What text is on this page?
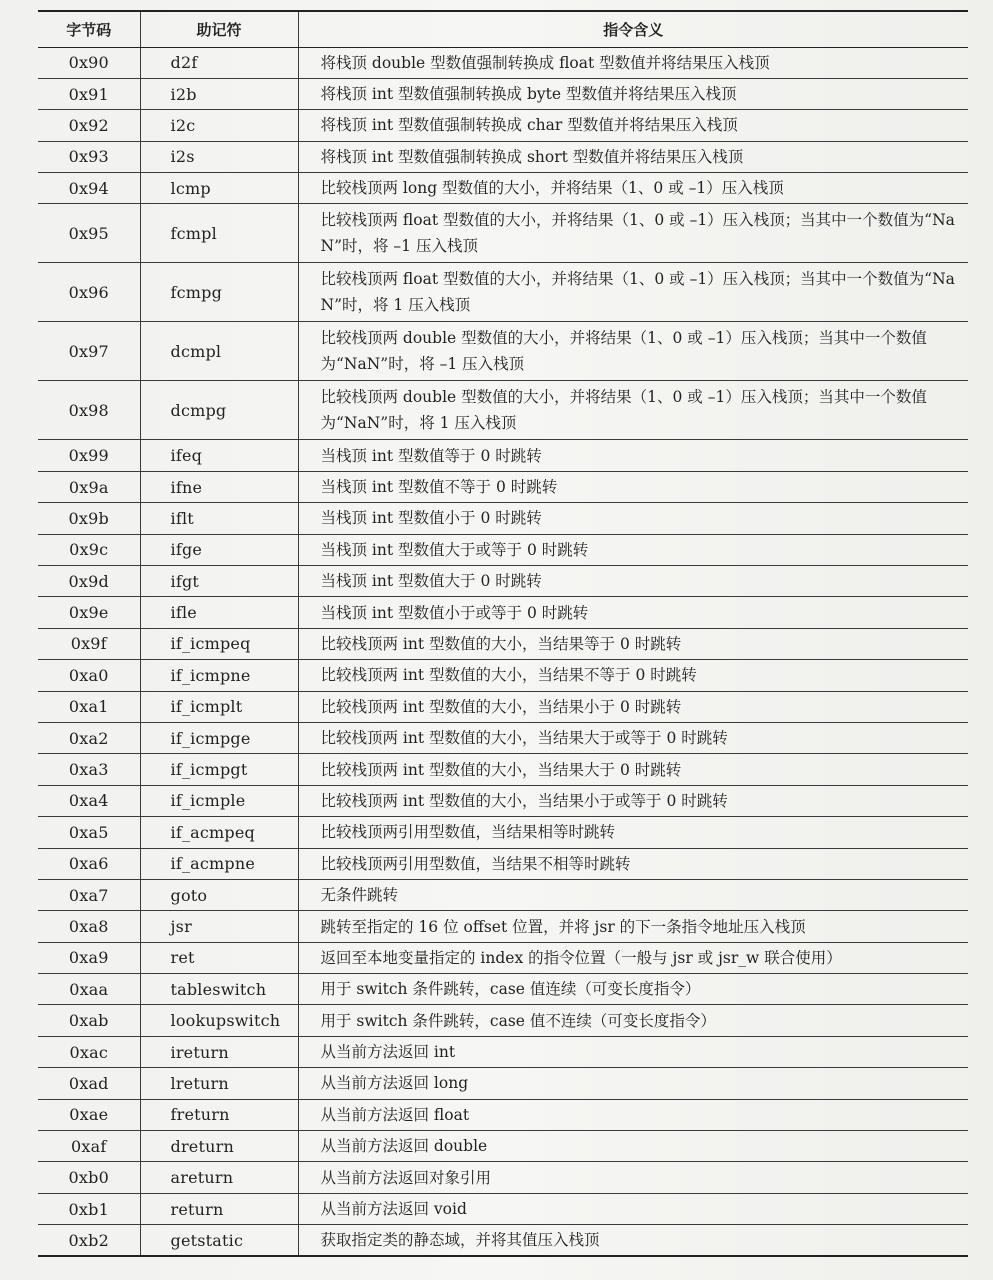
字节码	助记符	指令含义
0x90	d2f	将栈顶 double 型数值强制转换成 float 型数值并将结果压入栈顶
0x91	i2b	将栈顶 int 型数值强制转换成 byte 型数值并将结果压入栈顶
0x92	i2c	将栈顶 int 型数值强制转换成 char 型数值并将结果压入栈顶
0x93	i2s	将栈顶 int 型数值强制转换成 short 型数值并将结果压入栈顶
0x94	lcmp	比较栈顶两 long 型数值的大小，并将结果（1、0 或 –1）压入栈顶
0x95	fcmpl	比较栈顶两 float 型数值的大小，并将结果（1、0 或 –1）压入栈顶；当其中一个数值为“NaN”时，将 –1 压入栈顶
0x96	fcmpg	比较栈顶两 float 型数值的大小，并将结果（1、0 或 –1）压入栈顶；当其中一个数值为“NaN”时，将 1 压入栈顶
0x97	dcmpl	比较栈顶两 double 型数值的大小，并将结果（1、0 或 –1）压入栈顶；当其中一个数值为“NaN”时，将 –1 压入栈顶
0x98	dcmpg	比较栈顶两 double 型数值的大小，并将结果（1、0 或 –1）压入栈顶；当其中一个数值为“NaN”时，将 1 压入栈顶
0x99	ifeq	当栈顶 int 型数值等于 0 时跳转
0x9a	ifne	当栈顶 int 型数值不等于 0 时跳转
0x9b	iflt	当栈顶 int 型数值小于 0 时跳转
0x9c	ifge	当栈顶 int 型数值大于或等于 0 时跳转
0x9d	ifgt	当栈顶 int 型数值大于 0 时跳转
0x9e	ifle	当栈顶 int 型数值小于或等于 0 时跳转
0x9f	if_icmpeq	比较栈顶两 int 型数值的大小，当结果等于 0 时跳转
0xa0	if_icmpne	比较栈顶两 int 型数值的大小，当结果不等于 0 时跳转
0xa1	if_icmplt	比较栈顶两 int 型数值的大小，当结果小于 0 时跳转
0xa2	if_icmpge	比较栈顶两 int 型数值的大小，当结果大于或等于 0 时跳转
0xa3	if_icmpgt	比较栈顶两 int 型数值的大小，当结果大于 0 时跳转
0xa4	if_icmple	比较栈顶两 int 型数值的大小，当结果小于或等于 0 时跳转
0xa5	if_acmpeq	比较栈顶两引用型数值，当结果相等时跳转
0xa6	if_acmpne	比较栈顶两引用型数值，当结果不相等时跳转
0xa7	goto	无条件跳转
0xa8	jsr	跳转至指定的 16 位 offset 位置，并将 jsr 的下一条指令地址压入栈顶
0xa9	ret	返回至本地变量指定的 index 的指令位置（一般与 jsr 或 jsr_w 联合使用）
0xaa	tableswitch	用于 switch 条件跳转，case 值连续（可变长度指令）
0xab	lookupswitch	用于 switch 条件跳转，case 值不连续（可变长度指令）
0xac	ireturn	从当前方法返回 int
0xad	lreturn	从当前方法返回 long
0xae	freturn	从当前方法返回 float
0xaf	dreturn	从当前方法返回 double
0xb0	areturn	从当前方法返回对象引用
0xb1	return	从当前方法返回 void
0xb2	getstatic	获取指定类的静态域，并将其值压入栈顶
